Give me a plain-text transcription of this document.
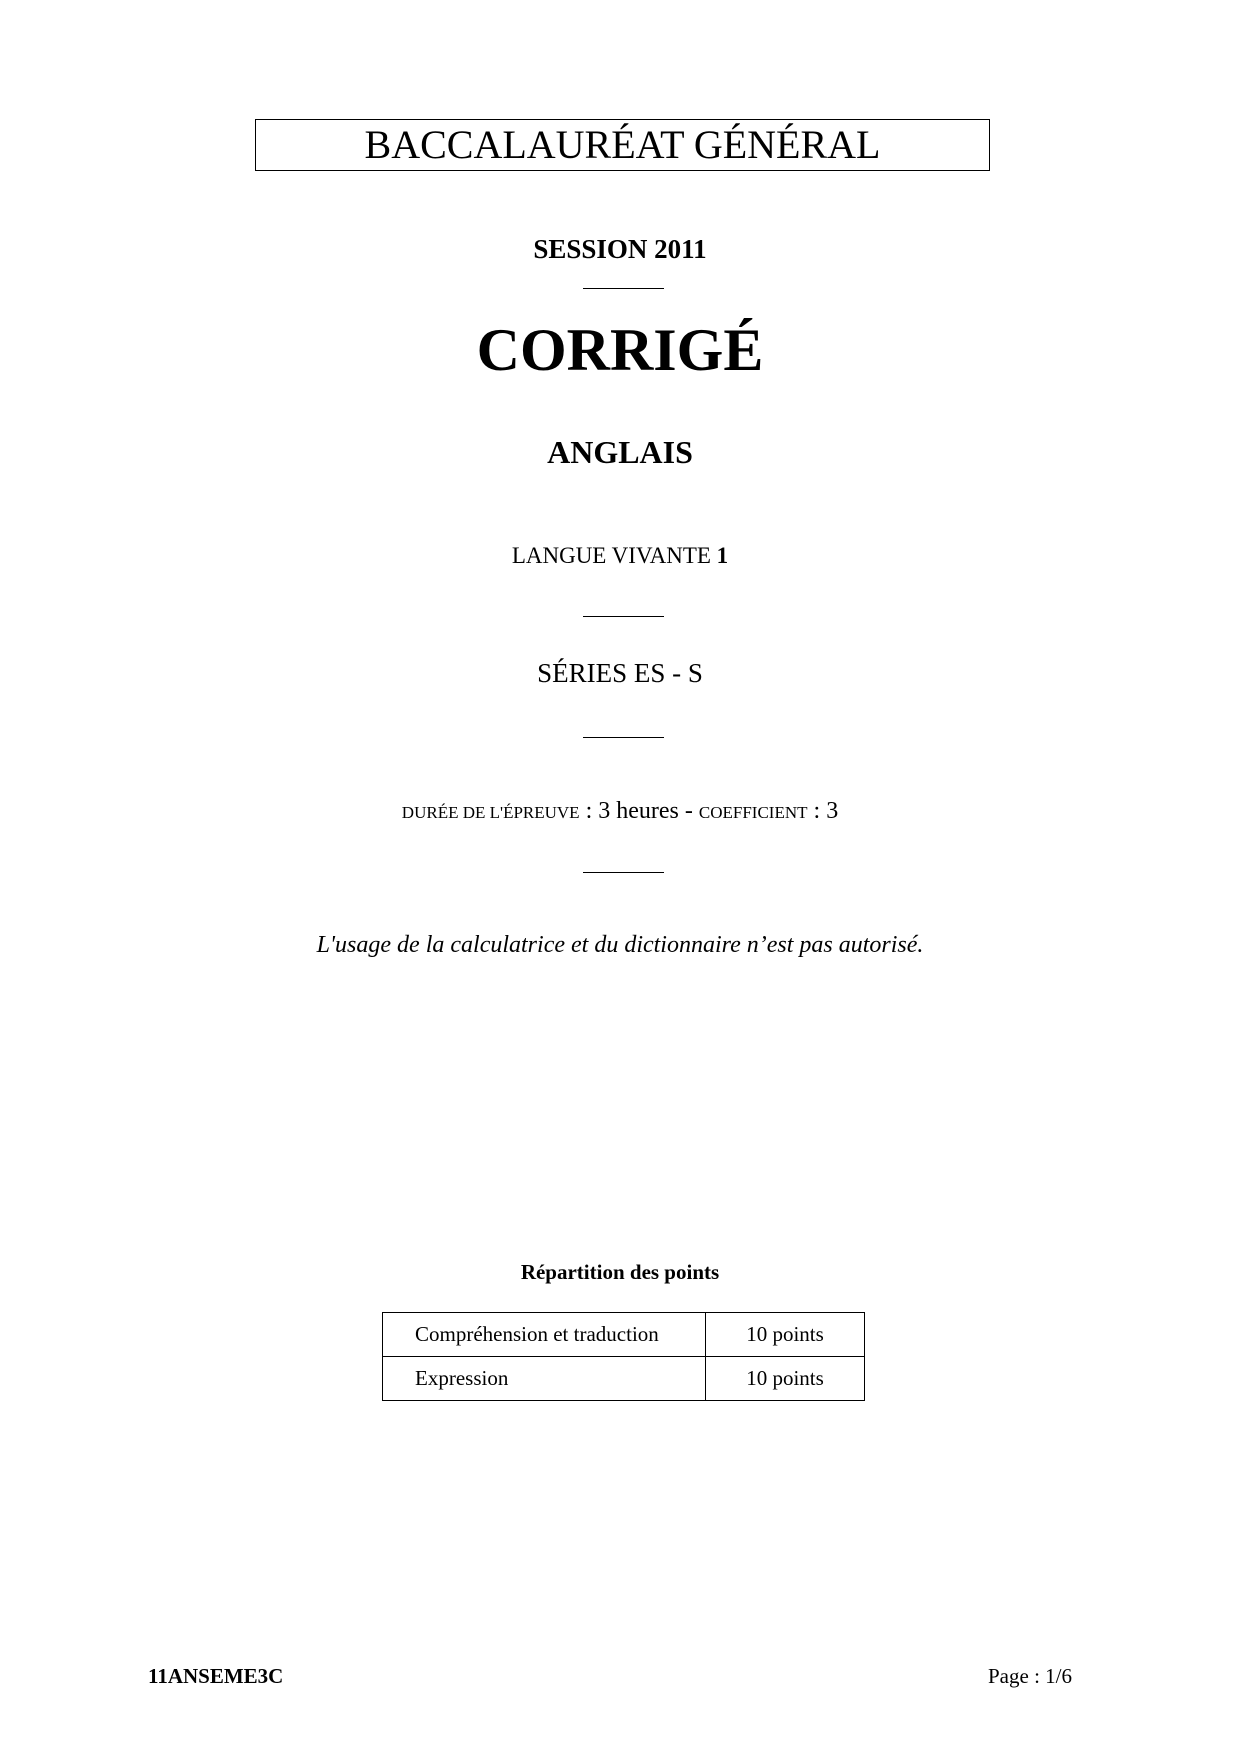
BACCALAURÉAT GÉNÉRAL
SESSION 2011
CORRIGÉ
ANGLAIS
LANGUE VIVANTE 1
SÉRIES ES - S
DURÉE DE L'ÉPREUVE : 3 heures - COEFFICIENT : 3
L'usage de la calculatrice et du dictionnaire n’est pas autorisé.
Répartition des points
Compréhension et traduction	10 points
Expression	10 points
11ANSEME3C	Page : 1/6
